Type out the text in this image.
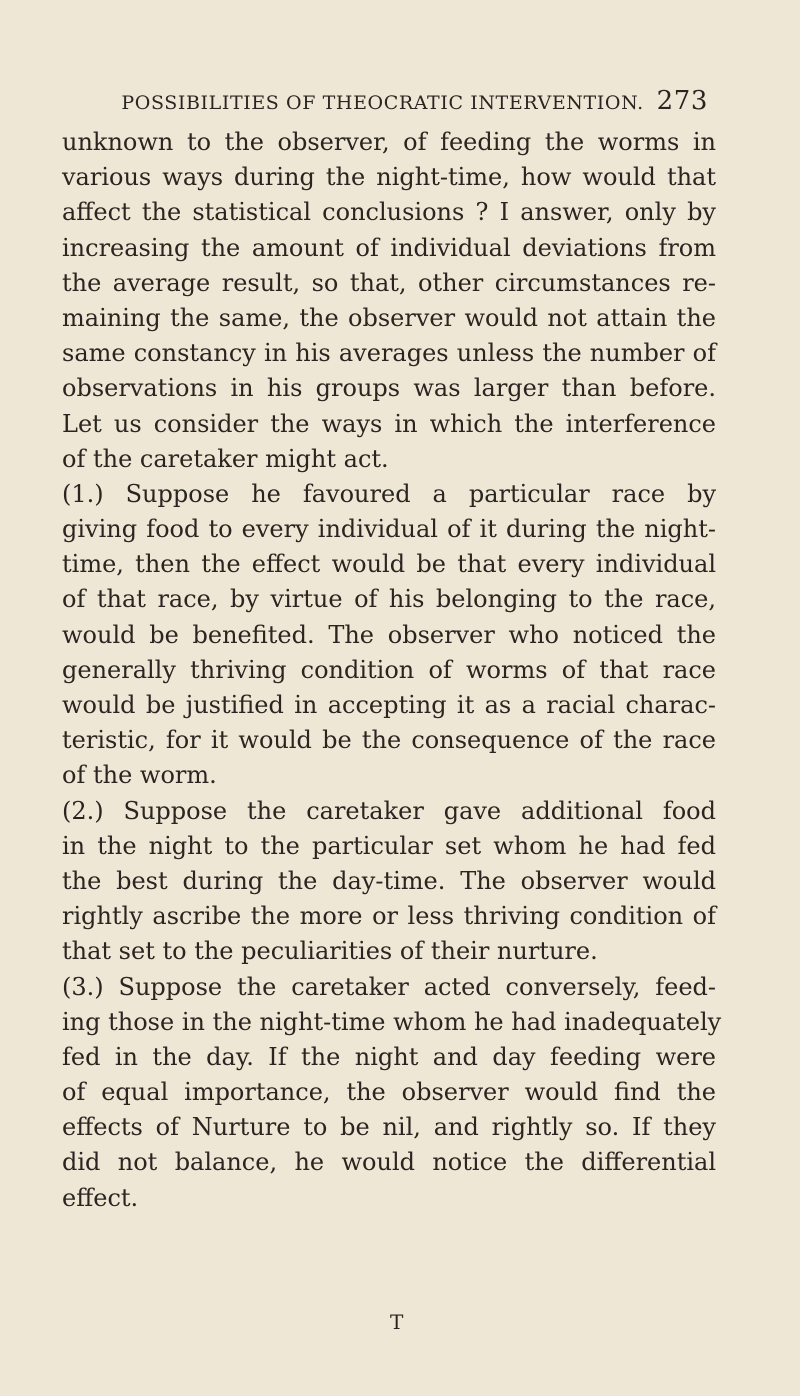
POSSIBILITIES OF THEOCRATIC INTERVENTION. 273
unknown to the observer, of feeding the worms in
various ways during the night-time, how would that
affect the statistical conclusions ? I answer, only by
increasing the amount of individual deviations from
the average result, so that, other circumstances re-
maining the same, the observer would not attain the
same constancy in his averages unless the number of
observations in his groups was larger than before.
Let us consider the ways in which the interference
of the caretaker might act.
(1.) Suppose he favoured a particular race by
giving food to every individual of it during the night-
time, then the effect would be that every individual
of that race, by virtue of his belonging to the race,
would be benefited. The observer who noticed the
generally thriving condition of worms of that race
would be justified in accepting it as a racial charac-
teristic, for it would be the consequence of the race
of the worm.
(2.) Suppose the caretaker gave additional food
in the night to the particular set whom he had fed
the best during the day-time. The observer would
rightly ascribe the more or less thriving condition of
that set to the peculiarities of their nurture.
(3.) Suppose the caretaker acted conversely, feed-
ing those in the night-time whom he had inadequately
fed in the day. If the night and day feeding were
of equal importance, the observer would find the
effects of Nurture to be nil, and rightly so. If they
did not balance, he would notice the differential
effect.
T
